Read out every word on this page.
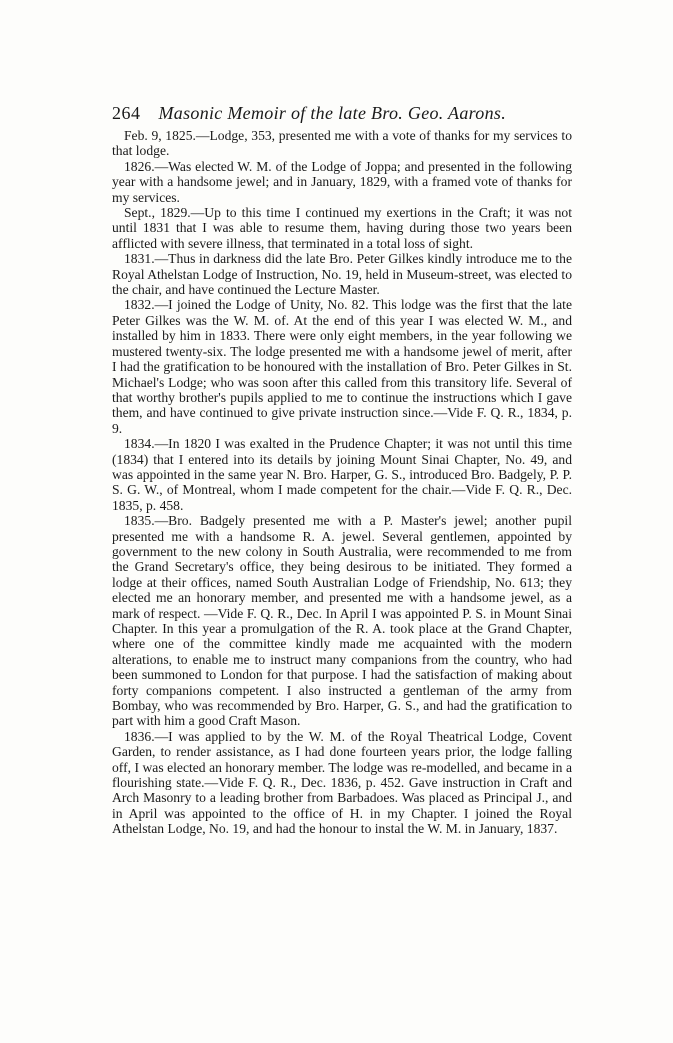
264 Masonic Memoir of the late Bro. Geo. Aarons.

Feb. 9, 1825.—Lodge, 353, presented me with a vote of thanks for my services to that lodge.

1826.—Was elected W. M. of the Lodge of Joppa; and presented in the following year with a handsome jewel; and in January, 1829, with a framed vote of thanks for my services.

Sept., 1829.—Up to this time I continued my exertions in the Craft; it was not until 1831 that I was able to resume them, having during those two years been afflicted with severe illness, that terminated in a total loss of sight.

1831.—Thus in darkness did the late Bro. Peter Gilkes kindly introduce me to the Royal Athelstan Lodge of Instruction, No. 19, held in Museum-street, was elected to the chair, and have continued the Lecture Master.

1832.—I joined the Lodge of Unity, No. 82. This lodge was the first that the late Peter Gilkes was the W. M. of. At the end of this year I was elected W. M., and installed by him in 1833. There were only eight members, in the year following we mustered twenty-six. The lodge presented me with a handsome jewel of merit, after I had the gratification to be honoured with the installation of Bro. Peter Gilkes in St. Michael's Lodge; who was soon after this called from this transitory life. Several of that worthy brother's pupils applied to me to continue the instructions which I gave them, and have continued to give private instruction since.—Vide F. Q. R., 1834, p. 9.

1834.—In 1820 I was exalted in the Prudence Chapter; it was not until this time (1834) that I entered into its details by joining Mount Sinai Chapter, No. 49, and was appointed in the same year N. Bro. Harper, G. S., introduced Bro. Badgely, P. P. S. G. W., of Montreal, whom I made competent for the chair.—Vide F. Q. R., Dec. 1835, p. 458.

1835.—Bro. Badgely presented me with a P. Master's jewel; another pupil presented me with a handsome R. A. jewel. Several gentlemen, appointed by government to the new colony in South Australia, were recommended to me from the Grand Secretary's office, they being desirous to be initiated. They formed a lodge at their offices, named South Australian Lodge of Friendship, No. 613; they elected me an honorary member, and presented me with a handsome jewel, as a mark of respect. —Vide F. Q. R., Dec. In April I was appointed P. S. in Mount Sinai Chapter. In this year a promulgation of the R. A. took place at the Grand Chapter, where one of the committee kindly made me acquainted with the modern alterations, to enable me to instruct many companions from the country, who had been summoned to London for that purpose. I had the satisfaction of making about forty companions competent. I also instructed a gentleman of the army from Bombay, who was recommended by Bro. Harper, G. S., and had the gratification to part with him a good Craft Mason.

1836.—I was applied to by the W. M. of the Royal Theatrical Lodge, Covent Garden, to render assistance, as I had done fourteen years prior, the lodge falling off, I was elected an honorary member. The lodge was re-modelled, and became in a flourishing state.—Vide F. Q. R., Dec. 1836, p. 452. Gave instruction in Craft and Arch Masonry to a leading brother from Barbadoes. Was placed as Principal J., and in April was appointed to the office of H. in my Chapter. I joined the Royal Athelstan Lodge, No. 19, and had the honour to instal the W. M. in January, 1837.
